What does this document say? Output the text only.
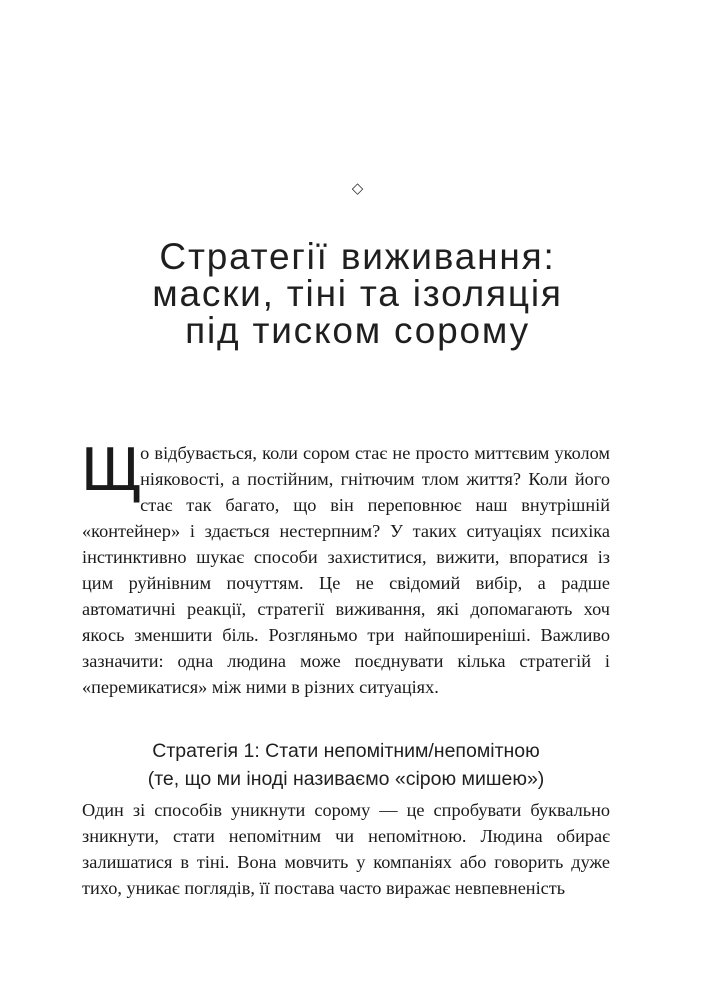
◇
Стратегії виживання:
маски, тіні та ізоляція
під тиском сорому

Щ
о відбувається, коли сором стає не просто миттєвим уколом ніяковості, а постійним, гнітючим тлом життя? Коли його стає так багато, що він переповнює наш внутрішній «контейнер» і здається нестерпним? У таких ситуаціях психіка інстинктивно шукає способи захиститися, вижити, впоратися із цим руйнівним почуттям. Це не свідомий вибір, а радше автоматичні реакції, стратегії виживання, які допомагають хоч якось зменшити біль. Розгляньмо три найпоширеніші. Важливо зазначити: одна людина може поєднувати кілька стратегій і «перемикатися» між ними в різних ситуаціях.

Стратегія 1: Стати непомітним/непомітною
(те, що ми іноді називаємо «сірою мишею»)

Один зі способів уникнути сорому — це спробувати буквально зникнути, стати непомітним чи непомітною. Людина обирає залишатися в тіні. Вона мовчить у компаніях або говорить дуже тихо, уникає поглядів, її постава часто виражає невпевненість
